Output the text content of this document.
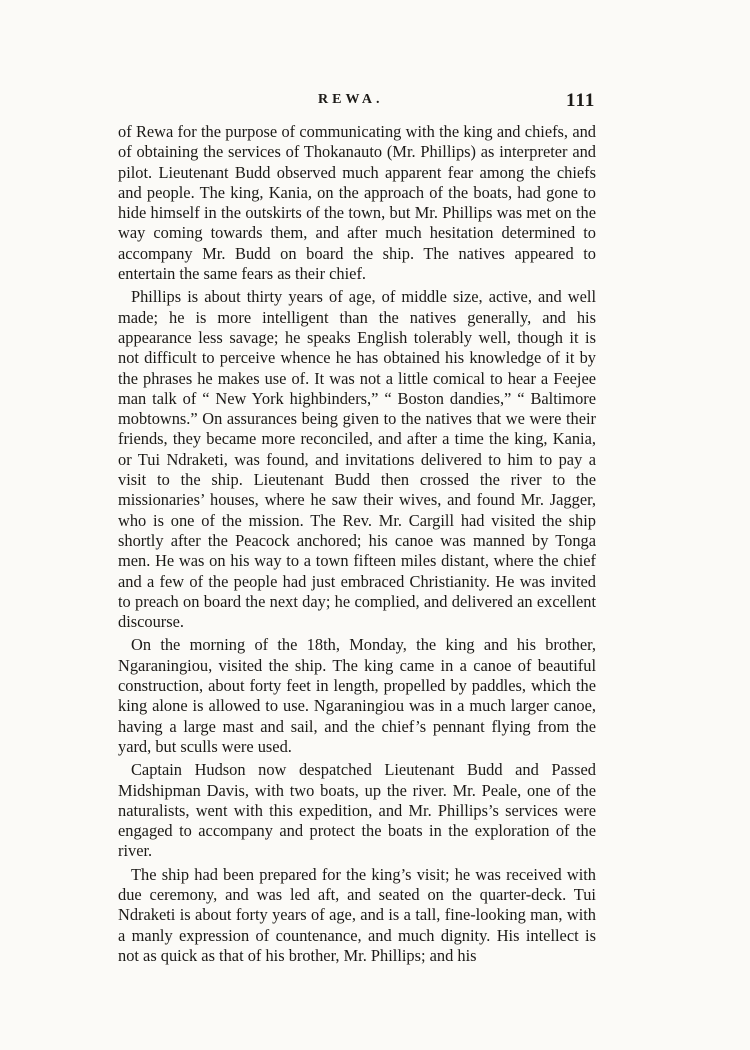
REWA.	111

of Rewa for the purpose of communicating with the king and chiefs, and of obtaining the services of Thokanauto (Mr. Phillips) as interpreter and pilot. Lieutenant Budd observed much apparent fear among the chiefs and people. The king, Kania, on the approach of the boats, had gone to hide himself in the outskirts of the town, but Mr. Phillips was met on the way coming towards them, and after much hesitation determined to accompany Mr. Budd on board the ship. The natives appeared to entertain the same fears as their chief.

Phillips is about thirty years of age, of middle size, active, and well made; he is more intelligent than the natives generally, and his appearance less savage; he speaks English tolerably well, though it is not difficult to perceive whence he has obtained his knowledge of it by the phrases he makes use of. It was not a little comical to hear a Feejee man talk of “ New York highbinders,” “ Boston dandies,” “ Baltimore mobtowns.” On assurances being given to the natives that we were their friends, they became more reconciled, and after a time the king, Kania, or Tui Ndraketi, was found, and invitations delivered to him to pay a visit to the ship. Lieutenant Budd then crossed the river to the missionaries’ houses, where he saw their wives, and found Mr. Jagger, who is one of the mission. The Rev. Mr. Cargill had visited the ship shortly after the Peacock anchored; his canoe was manned by Tonga men. He was on his way to a town fifteen miles distant, where the chief and a few of the people had just embraced Christianity. He was invited to preach on board the next day; he complied, and delivered an excellent discourse.

On the morning of the 18th, Monday, the king and his brother, Ngaraningiou, visited the ship. The king came in a canoe of beautiful construction, about forty feet in length, propelled by paddles, which the king alone is allowed to use. Ngaraningiou was in a much larger canoe, having a large mast and sail, and the chief’s pennant flying from the yard, but sculls were used.

Captain Hudson now despatched Lieutenant Budd and Passed Midshipman Davis, with two boats, up the river. Mr. Peale, one of the naturalists, went with this expedition, and Mr. Phillips’s services were engaged to accompany and protect the boats in the exploration of the river.

The ship had been prepared for the king’s visit; he was received with due ceremony, and was led aft, and seated on the quarter-deck. Tui Ndraketi is about forty years of age, and is a tall, fine-looking man, with a manly expression of countenance, and much dignity. His intellect is not as quick as that of his brother, Mr. Phillips; and his
